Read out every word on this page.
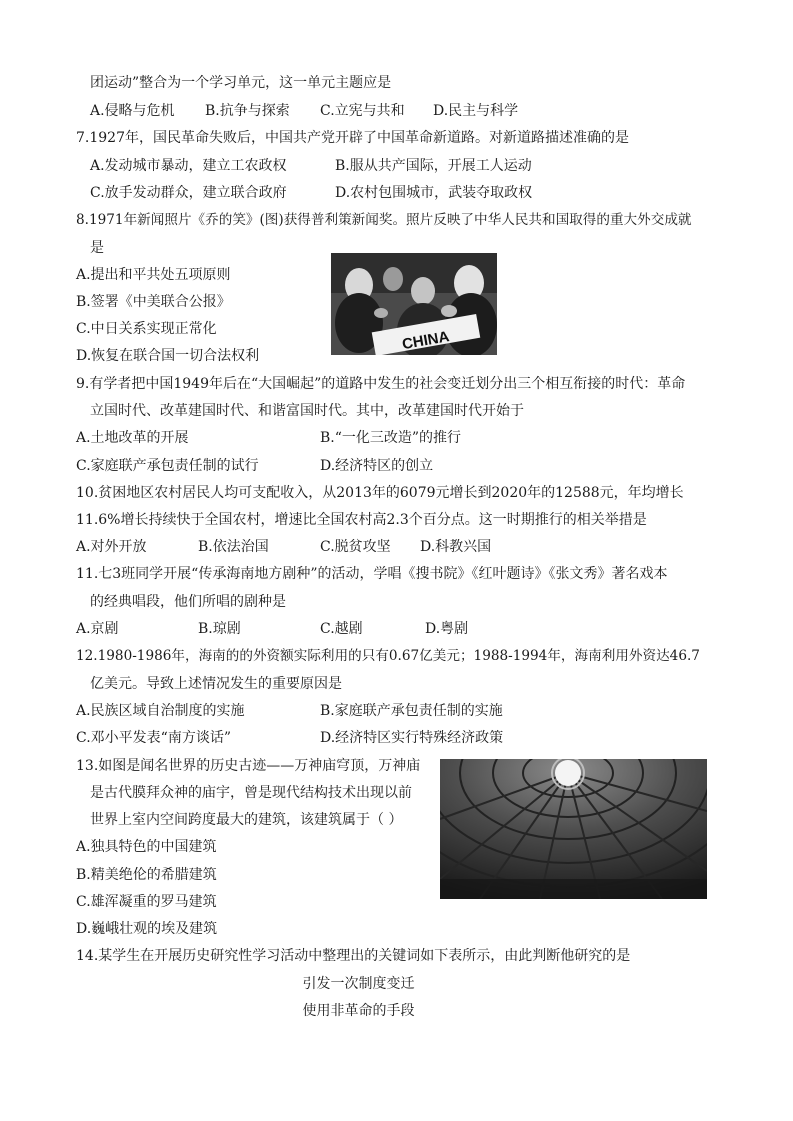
团运动”整合为一个学习单元，这一单元主题应是
A.侵略与危机 B.抗争与探索 C.立宪与共和 D.民主与科学
7.1927年，国民革命失败后，中国共产党开辟了中国革命新道路。对新道路描述准确的是
A.发动城市暴动，建立工农政权	B.服从共产国际，开展工人运动
C.放手发动群众，建立联合政府	D.农村包围城市，武装夺取政权
8.1971年新闻照片《乔的笑》(图)获得普利策新闻奖。照片反映了中华人民共和国取得的重大外交成就
是
A.提出和平共处五项原则
B.签署《中美联合公报》
C.中日关系实现正常化
D.恢复在联合国一切合法权利
CHINA
9.有学者把中国1949年后在“大国崛起”的道路中发生的社会变迁划分出三个相互衔接的时代：革命
立国时代、改革建国时代、和谐富国时代。其中，改革建国时代开始于
A.土地改革的开展	B.“一化三改造”的推行
C.家庭联产承包责任制的试行	D.经济特区的创立
10.贫困地区农村居民人均可支配收入，从2013年的6079元增长到2020年的12588元，年均增长
11.6%增长持续快于全国农村，增速比全国农村高2.3个百分点。这一时期推行的相关举措是
A.对外开放	B.依法治国	C.脱贫攻坚 D.科教兴国
11.七3班同学开展“传承海南地方剧种”的活动，学唱《搜书院》《红叶题诗》《张文秀》著名戏本
的经典唱段，他们所唱的剧种是
A.京剧	B.琼剧	C.越剧	D.粤剧
12.1980-1986年，海南的的外资额实际利用的只有0.67亿美元；1988-1994年，海南利用外资达46.7
亿美元。导致上述情况发生的重要原因是
A.民族区域自治制度的实施	B.家庭联产承包责任制的实施
C.邓小平发表“南方谈话”	D.经济特区实行特殊经济政策
13.如图是闻名世界的历史古迹——万神庙穹顶，万神庙
是古代膜拜众神的庙宇，曾是现代结构技术出现以前
世界上室内空间跨度最大的建筑，该建筑属于（ ）
A.独具特色的中国建筑
B.精美绝伦的希腊建筑
C.雄浑凝重的罗马建筑
D.巍峨壮观的埃及建筑
14.某学生在开展历史研究性学习活动中整理出的关键词如下表所示，由此判断他研究的是
引发一次制度变迁
使用非革命的手段
